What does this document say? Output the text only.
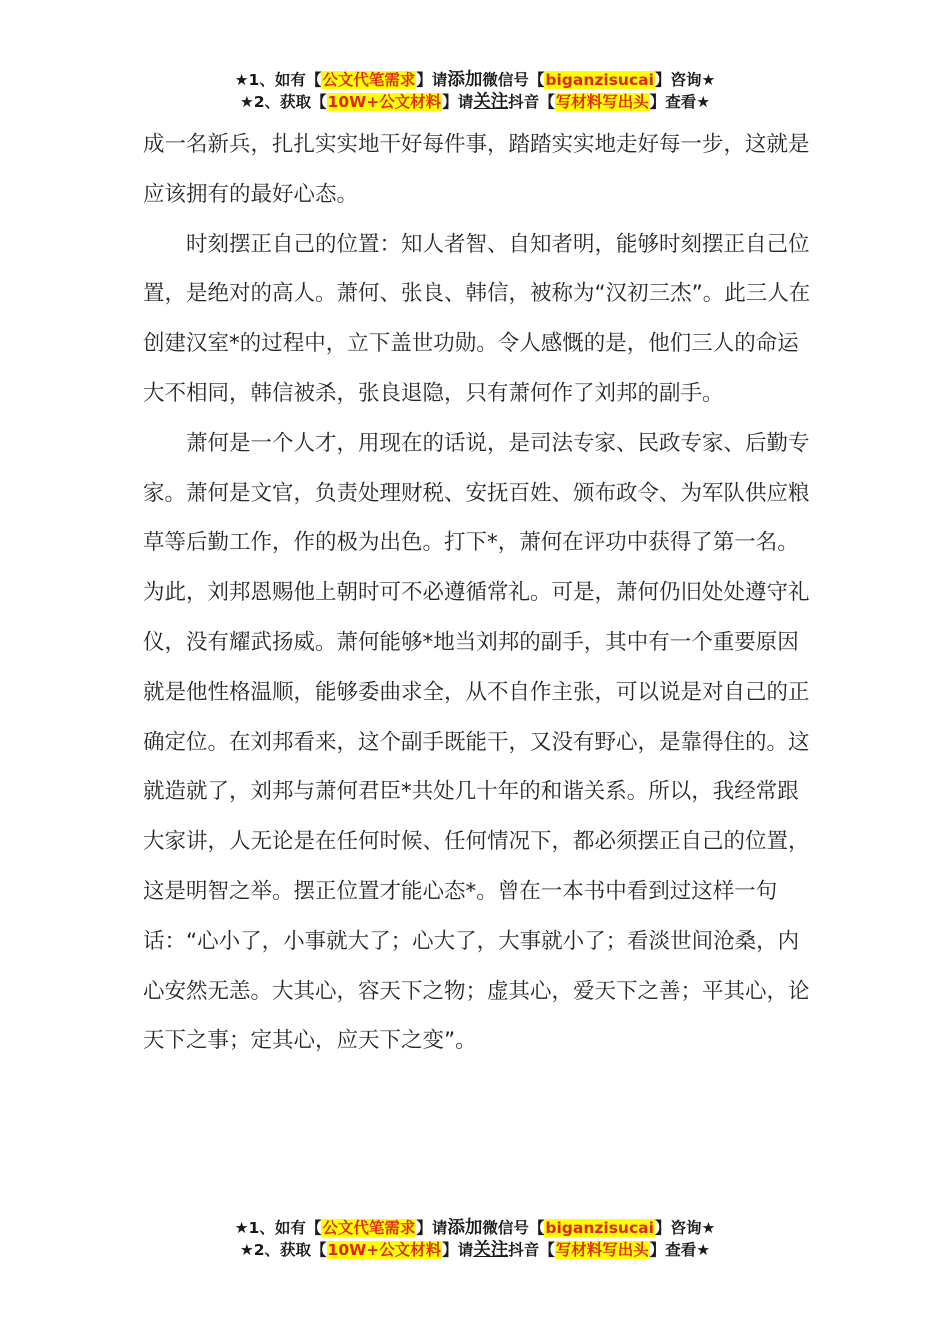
★1、如有【公文代笔需求】请添加微信号【biganzisucai】咨询★
★2、获取【10W+公文材料】请关注抖音【写材料写出头】查看★

成一名新兵，扎扎实实地干好每件事，踏踏实实地走好每一步，这就是应该拥有的最好心态。

时刻摆正自己的位置：知人者智、自知者明，能够时刻摆正自己位置，是绝对的高人。萧何、张良、韩信，被称为“汉初三杰”。此三人在创建汉室*的过程中，立下盖世功勋。令人感慨的是，他们三人的命运大不相同，韩信被杀，张良退隐，只有萧何作了刘邦的副手。

萧何是一个人才，用现在的话说，是司法专家、民政专家、后勤专家。萧何是文官，负责处理财税、安抚百姓、颁布政令、为军队供应粮草等后勤工作，作的极为出色。打下*，萧何在评功中获得了第一名。为此，刘邦恩赐他上朝时可不必遵循常礼。可是，萧何仍旧处处遵守礼仪，没有耀武扬威。萧何能够*地当刘邦的副手，其中有一个重要原因就是他性格温顺，能够委曲求全，从不自作主张，可以说是对自己的正确定位。在刘邦看来，这个副手既能干，又没有野心，是靠得住的。这就造就了，刘邦与萧何君臣*共处几十年的和谐关系。所以，我经常跟大家讲，人无论是在任何时候、任何情况下，都必须摆正自己的位置，这是明智之举。摆正位置才能心态*。曾在一本书中看到过这样一句话：“心小了，小事就大了；心大了，大事就小了；看淡世间沧桑，内心安然无恙。大其心，容天下之物；虚其心，爱天下之善；平其心，论天下之事；定其心，应天下之变”。

★1、如有【公文代笔需求】请添加微信号【biganzisucai】咨询★
★2、获取【10W+公文材料】请关注抖音【写材料写出头】查看★
